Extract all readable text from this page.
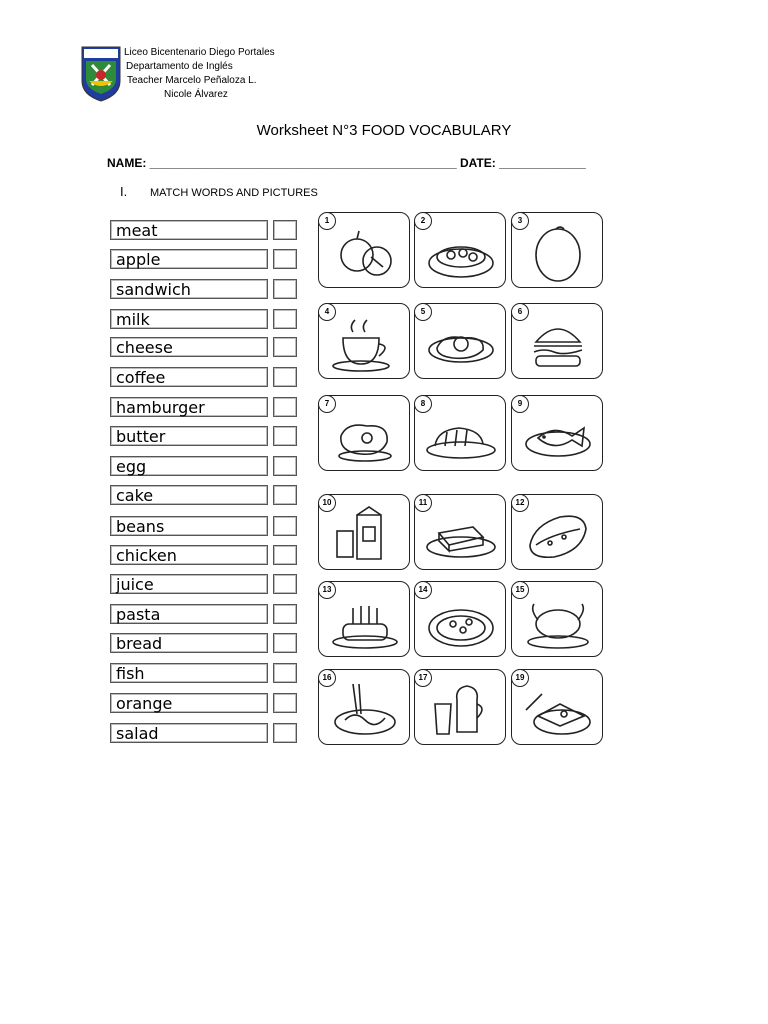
Liceo Bicentenario Diego Portales
Departamento de Inglés
Teacher Marcelo Peñaloza L.
Nicole Álvarez
Worksheet N°3 FOOD VOCABULARY
NAME: ______________________________________________ DATE: _____________
I. MATCH WORDS AND PICTURES
meat
apple
sandwich
milk
cheese
coffee
hamburger
butter
egg
cake
beans
chicken
juice
pasta
bread
fish
orange
salad
1	2	3
4	5	6
7	8	9
10	11	12
13	14	15
16	17	19
